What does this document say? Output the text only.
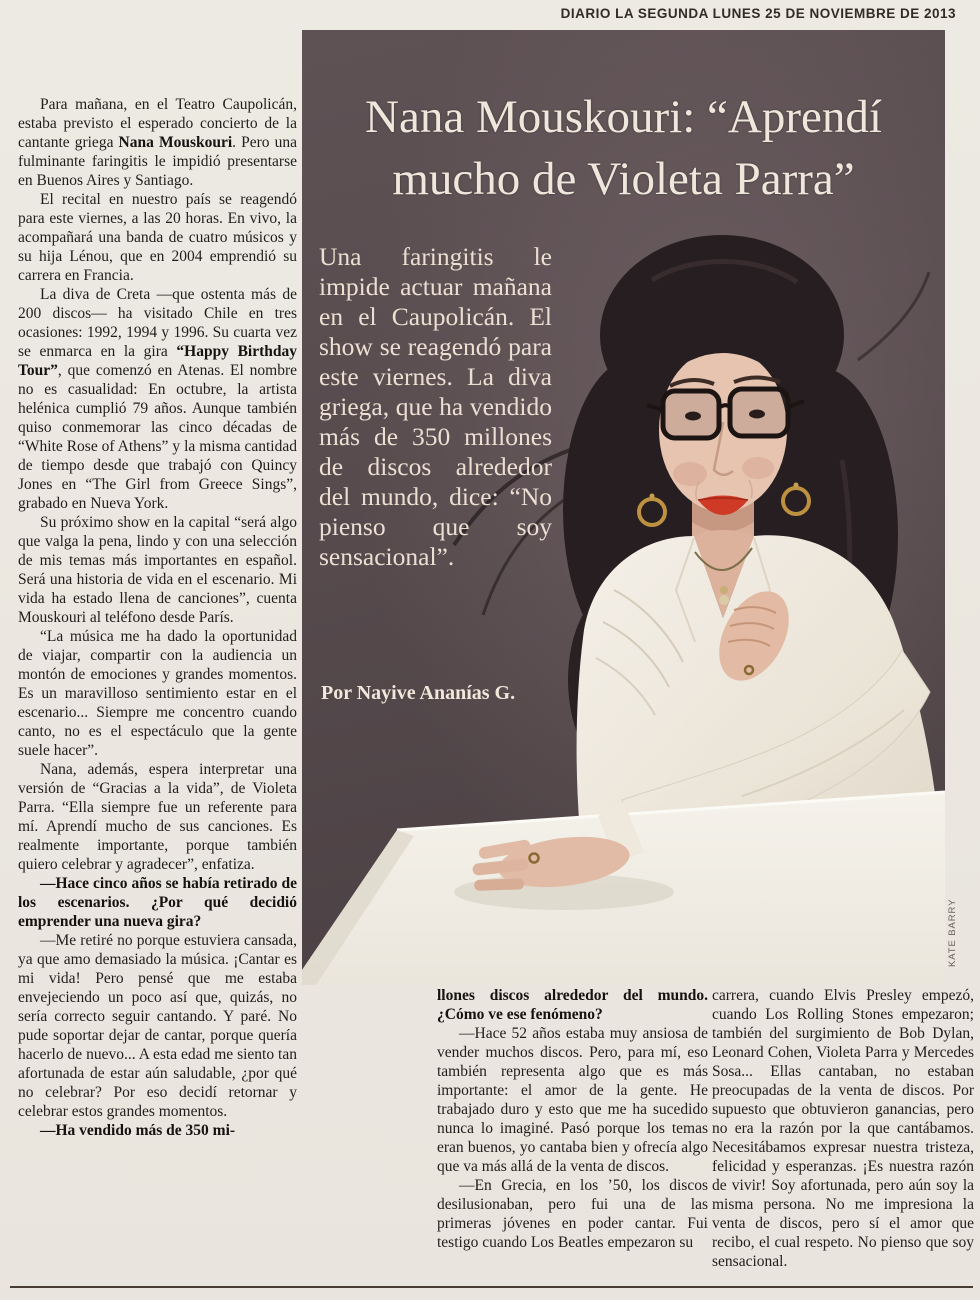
DIARIO LA SEGUNDA LUNES 25 DE NOVIEMBRE DE 2013
Nana Mouskouri: “Aprendí
mucho de Violeta Parra”
Una faringitis le impide actuar mañana en el Caupolicán. El show se reagendó para este viernes. La diva griega, que ha vendido más de 350 millones de discos alrededor del mundo, dice: “No pienso que soy sensacional”.
Por Nayive Ananías G.
KATE BARRY

Para mañana, en el Teatro Caupolicán, estaba previsto el esperado concierto de la cantante griega Nana Mouskouri. Pero una fulminante faringitis le impidió presentarse en Buenos Aires y Santiago.

El recital en nuestro país se reagendó para este viernes, a las 20 horas. En vivo, la acompañará una banda de cuatro músicos y su hija Lénou, que en 2004 emprendió su carrera en Francia.

La diva de Creta —que ostenta más de 200 discos— ha visitado Chile en tres ocasiones: 1992, 1994 y 1996. Su cuarta vez se enmarca en la gira “Happy Birthday Tour”, que comenzó en Atenas. El nombre no es casualidad: En octubre, la artista helénica cumplió 79 años. Aunque también quiso conmemorar las cinco décadas de “White Rose of Athens” y la misma cantidad de tiempo desde que trabajó con Quincy Jones en “The Girl from Greece Sings”, grabado en Nueva York.

Su próximo show en la capital “será algo que valga la pena, lindo y con una selección de mis temas más importantes en español. Será una historia de vida en el escenario. Mi vida ha estado llena de canciones”, cuenta Mouskouri al teléfono desde París.

“La música me ha dado la oportunidad de viajar, compartir con la audiencia un montón de emociones y grandes momentos. Es un maravilloso sentimiento estar en el escenario... Siempre me concentro cuando canto, no es el espectáculo que la gente suele hacer”.

Nana, además, espera interpretar una versión de “Gracias a la vida”, de Violeta Parra. “Ella siempre fue un referente para mí. Aprendí mucho de sus canciones. Es realmente importante, porque también quiero celebrar y agradecer”, enfatiza.

—Hace cinco años se había retirado de los escenarios. ¿Por qué decidió emprender una nueva gira?

—Me retiré no porque estuviera cansada, ya que amo demasiado la música. ¡Cantar es mi vida! Pero pensé que me estaba envejeciendo un poco así que, quizás, no sería correcto seguir cantando. Y paré. No pude soportar dejar de cantar, porque quería hacerlo de nuevo... A esta edad me siento tan afortunada de estar aún saludable, ¿por qué no celebrar? Por eso decidí retornar y celebrar estos grandes momentos.

—Ha vendido más de 350 mi-

llones discos alrededor del mundo. ¿Cómo ve ese fenómeno?

—Hace 52 años estaba muy ansiosa de vender muchos discos. Pero, para mí, eso también representa algo que es más importante: el amor de la gente. He trabajado duro y esto que me ha sucedido nunca lo imaginé. Pasó porque los temas eran buenos, yo cantaba bien y ofrecía algo que va más allá de la venta de discos.

—En Grecia, en los ’50, los discos desilusionaban, pero fui una de las primeras jóvenes en poder cantar. Fui testigo cuando Los Beatles empezaron su

carrera, cuando Elvis Presley empezó, cuando Los Rolling Stones empezaron; también del surgimiento de Bob Dylan, Leonard Cohen, Violeta Parra y Mercedes Sosa... Ellas cantaban, no estaban preocupadas de la venta de discos. Por supuesto que obtuvieron ganancias, pero no era la razón por la que cantábamos. Necesitábamos expresar nuestra tristeza, felicidad y esperanzas. ¡Es nuestra razón de vivir! Soy afortunada, pero aún soy la misma persona. No me impresiona la venta de discos, pero sí el amor que recibo, el cual respeto. No pienso que soy sensacional.
